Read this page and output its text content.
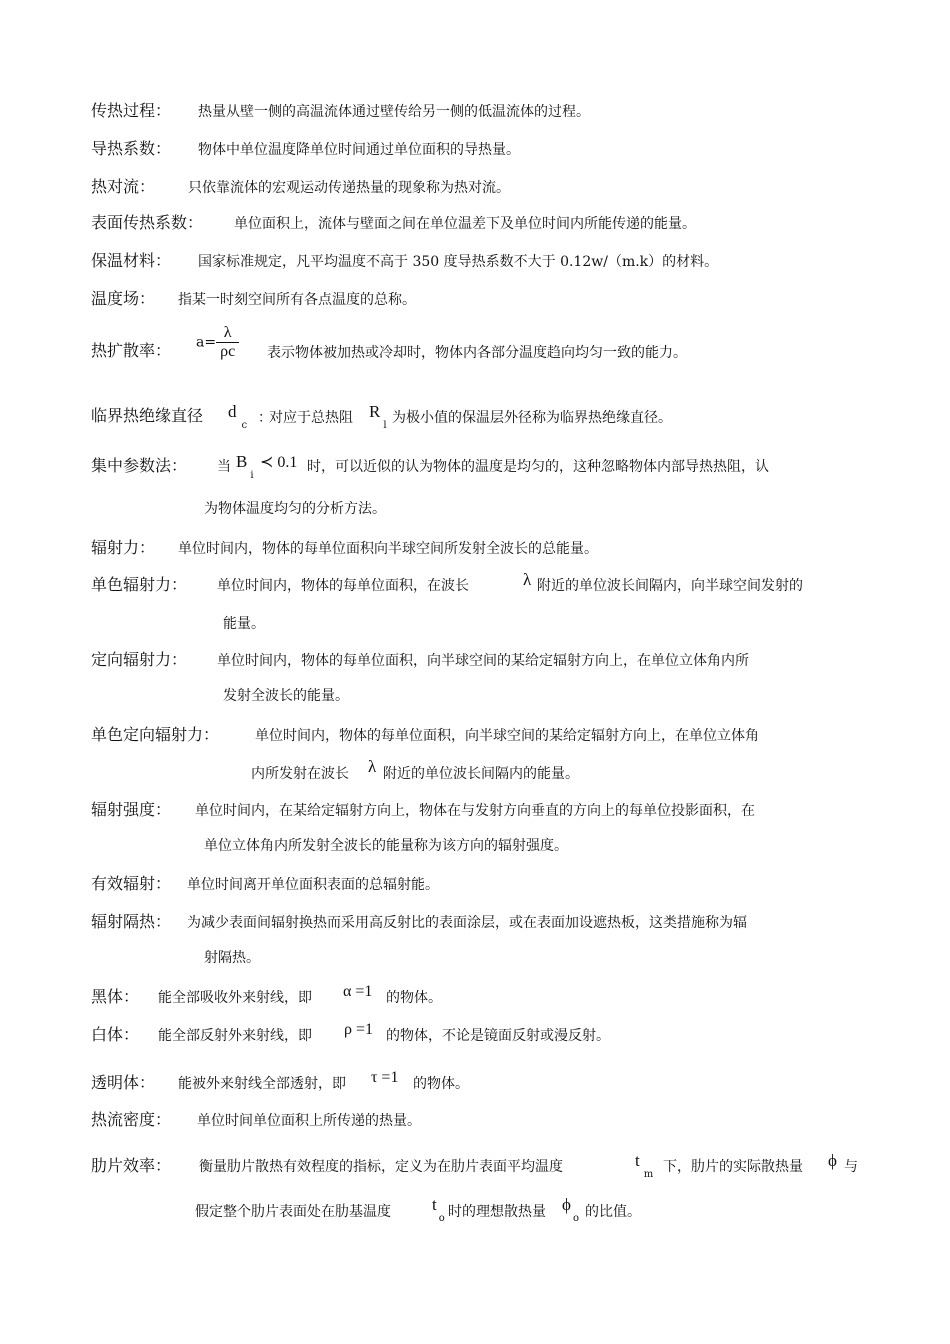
传热过程： 热量从壁一侧的高温流体通过壁传给另一侧的低温流体的过程。
导热系数： 物体中单位温度降单位时间通过单位面积的导热量。
热对流： 只依靠流体的宏观运动传递热量的现象称为热对流。
表面传热系数： 单位面积上，流体与壁面之间在单位温差下及单位时间内所能传递的能量。
保温材料： 国家标准规定，凡平均温度不高于 350 度导热系数不大于 0.12w/（m.k）的材料。
温度场： 指某一时刻空间所有各点温度的总称。
热扩散率： $a= \frac{\lambda}{\rho c}$ 表示物体被加热或冷却时，物体内各部分温度趋向均匀一致的能力。
临界热绝缘直径 $d_c$ ：
对应于总热阻 $R_l$ 为极小值的保温层外径称为临界热绝缘直径。
集中参数法： 当 $B_i$
≺ 0.1 时，可以近似的认为物体的温度是均匀的，这种忽略物体内部导热热阻，认
为物体温度均匀的分析方法。
辐射力： 单位时间内，物体的每单位面积向半球空间所发射全波长的总能量。
单色辐射力： 单位时间内，物体的每单位面积，在波长	λ 附近的单位波长间隔内，向半球空间发射的
能量。
定向辐射力： 单位时间内，物体的每单位面积，向半球空间的某给定辐射方向上，在单位立体角内所
发射全波长的能量。
单色定向辐射力：	单位时间内，物体的每单位面积，向半球空间的某给定辐射方向上，在单位立体角
内所发射在波长 λ 附近的单位波长间隔内的能量。
辐射强度： 单位时间内，在某给定辐射方向上，物体在与发射方向垂直的方向上的每单位投影面积，在
单位立体角内所发射全波长的能量称为该方向的辐射强度。
有效辐射： 单位时间离开单位面积表面的总辐射能。
辐射隔热： 为减少表面间辐射换热而采用高反射比的表面涂层，或在表面加设遮热板，这类措施称为辐
射隔热。
黑体： 能全部吸收外来射线，即 α =1 的物体。
白体： 能全部反射外来射线，即 ρ =1 的物体，不论是镜面反射或漫反射。
透明体： 能被外来射线全部透射，即 τ =1 的物体。
热流密度： 单位时间单位面积上所传递的热量。
肋片效率： 衡量肋片散热有效程度的指标，定义为在肋片表面平均温度	$t_m$ 下，肋片的实际散热量 ϕ 与
假定整个肋片表面处在肋基温度 $t_o$ 时的理想散热量 $\phi_o$ 的比值。
